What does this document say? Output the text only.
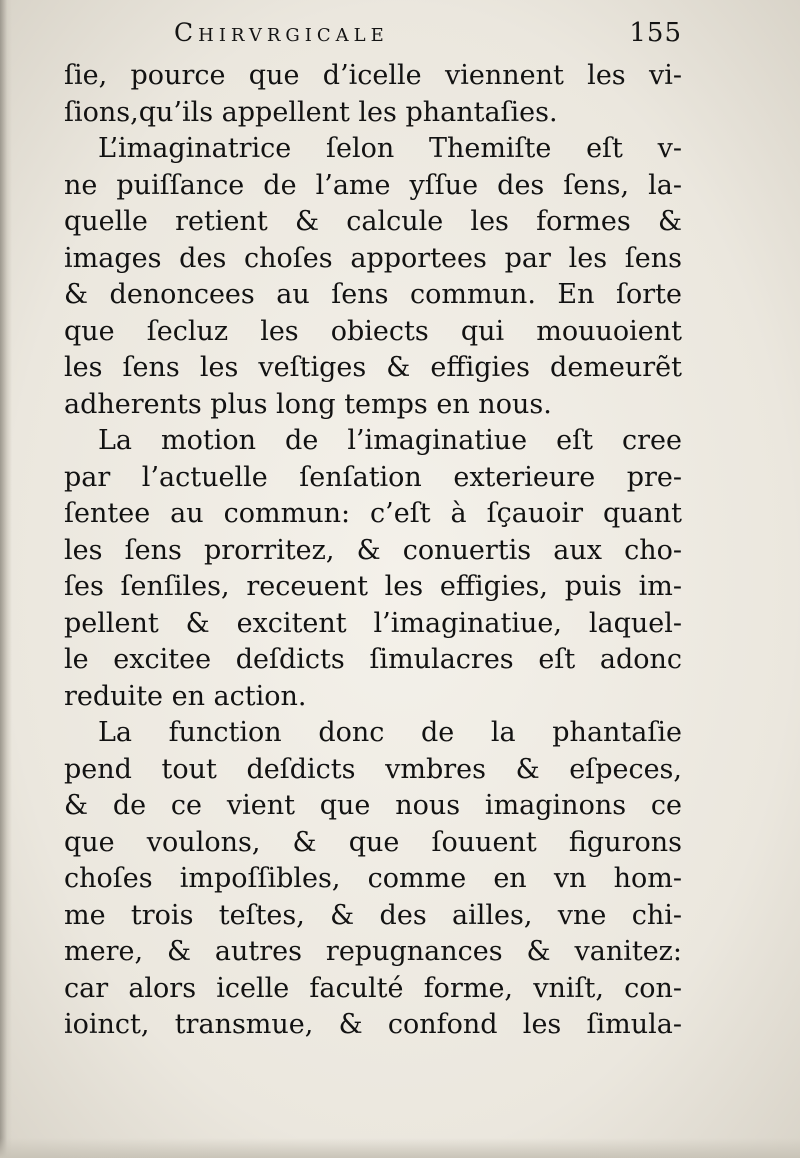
Chirvrgicale	155
ſie, pource que d’icelle viennent les vi-
ſions,qu’ils appellent les phantaſies.
L’imaginatrice ſelon Themiſte eſt v-
ne puiſſance de l’ame yſſue des ſens, la-
quelle retient & calcule les formes &
images des choſes apportees par les ſens
& denoncees au ſens commun. En ſorte
que ſecluz les obiects qui mouuoient
les ſens les veſtiges & effigies demeurẽt
adherents plus long temps en nous.
La motion de l’imaginatiue eſt cree
par l’actuelle ſenſation exterieure pre-
ſentee au commun: c’eſt à ſçauoir quant
les ſens prorritez, & conuertis aux cho-
ſes ſenſiles, receuent les effigies, puis im-
pellent & excitent l’imaginatiue, laquel-
le excitee deſdicts ſimulacres eſt adonc
reduite en action.
La function donc de la phantaſie
pend tout deſdicts vmbres & eſpeces,
& de ce vient que nous imaginons ce
que voulons, & que ſouuent figurons
choſes impoſſibles, comme en vn hom-
me trois teſtes, & des ailles, vne chi-
mere, & autres repugnances & vanitez:
car alors icelle faculté forme, vniſt, con-
ioinct, transmue, & confond les ſimula-
